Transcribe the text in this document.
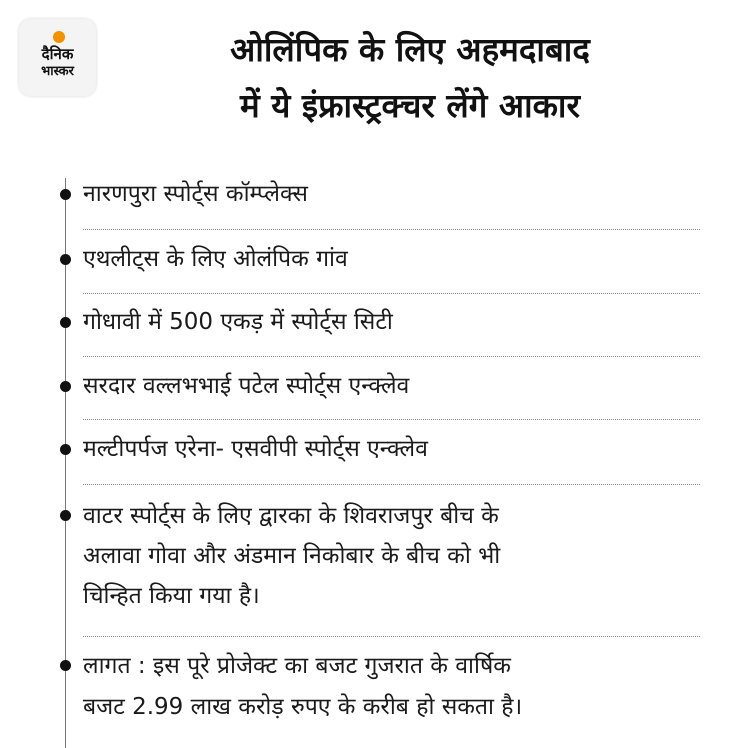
दैनिक
भास्कर
ओलिंपिक के लिए अहमदाबाद
में ये इंफ्रास्ट्रक्चर लेंगे आकार
नारणपुरा स्पोर्ट्स कॉम्प्लेक्स
एथलीट्स के लिए ओलंपिक गांव
गोधावी में 500 एकड़ में स्पोर्ट्स सिटी
सरदार वल्लभभाई पटेल स्पोर्ट्स एन्क्लेव
मल्टीपर्पज एरेना- एसवीपी स्पोर्ट्स एन्क्लेव
वाटर स्पोर्ट्स के लिए द्वारका के शिवराजपुर बीच के
अलावा गोवा और अंडमान निकोबार के बीच को भी
चिन्हित किया गया है।
लागत : इस पूरे प्रोजेक्ट का बजट गुजरात के वार्षिक
बजट 2.99 लाख करोड़ रुपए के करीब हो सकता है।
